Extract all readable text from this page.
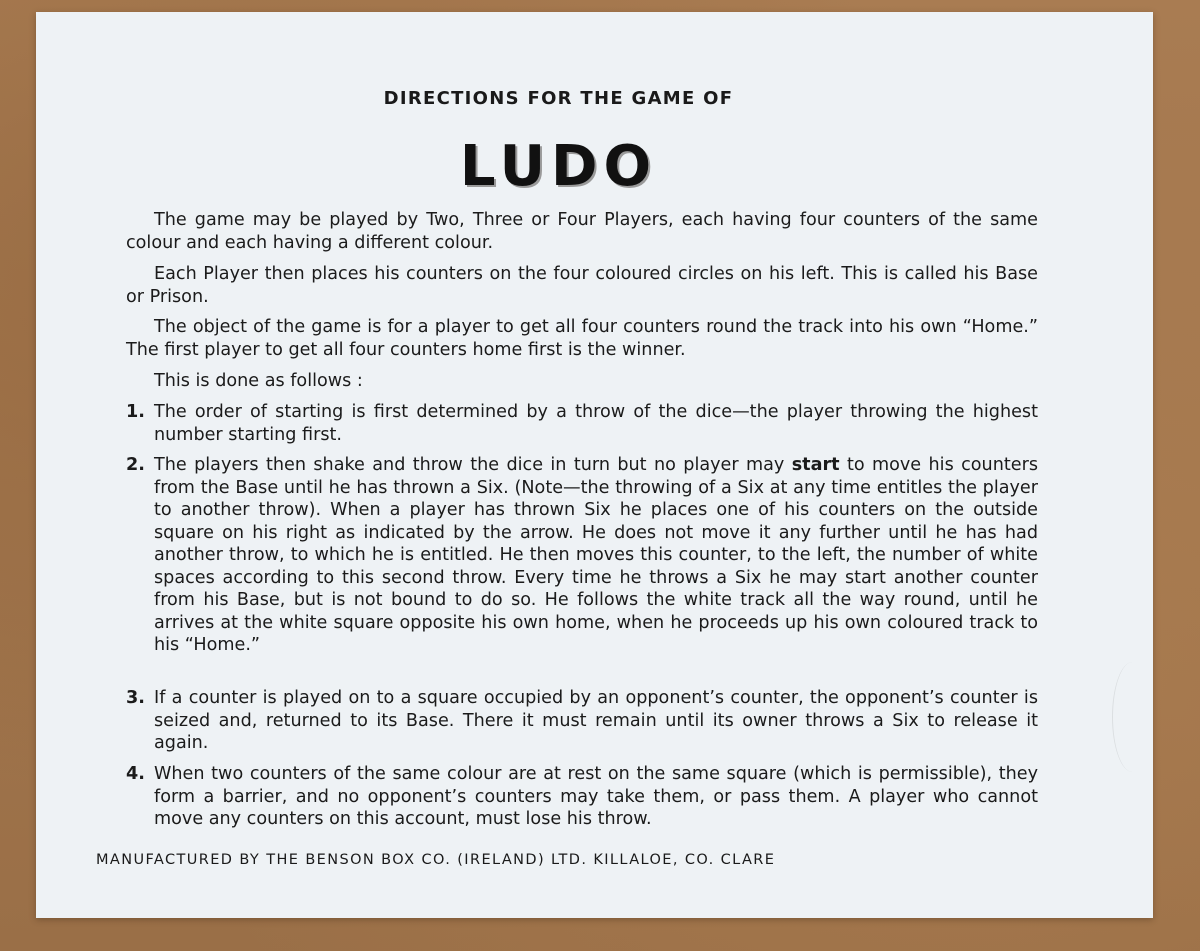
DIRECTIONS FOR THE GAME OF
LUDO
The game may be played by Two, Three or Four Players, each having four counters of the same colour and each having a different colour.
Each Player then places his counters on the four coloured circles on his left. This is called his Base or Prison.
The object of the game is for a player to get all four counters round the track into his own “Home.” The first player to get all four counters home first is the winner.
This is done as follows :
1. The order of starting is first determined by a throw of the dice—the player throwing the highest number starting first.
2. The players then shake and throw the dice in turn but no player may start to move his counters from the Base until he has thrown a Six. (Note—the throwing of a Six at any time entitles the player to another throw). When a player has thrown Six he places one of his counters on the outside square on his right as indicated by the arrow. He does not move it any further until he has had another throw, to which he is entitled. He then moves this counter, to the left, the number of white spaces according to this second throw. Every time he throws a Six he may start another counter from his Base, but is not bound to do so. He follows the white track all the way round, until he arrives at the white square opposite his own home, when he proceeds up his own coloured track to his “Home.”
3. If a counter is played on to a square occupied by an opponent’s counter, the opponent’s counter is seized and, returned to its Base. There it must remain until its owner throws a Six to release it again.
4. When two counters of the same colour are at rest on the same square (which is permissible), they form a barrier, and no opponent’s counters may take them, or pass them. A player who cannot move any counters on this account, must lose his throw.
MANUFACTURED BY THE BENSON BOX CO. (IRELAND) LTD. KILLALOE, CO. CLARE
